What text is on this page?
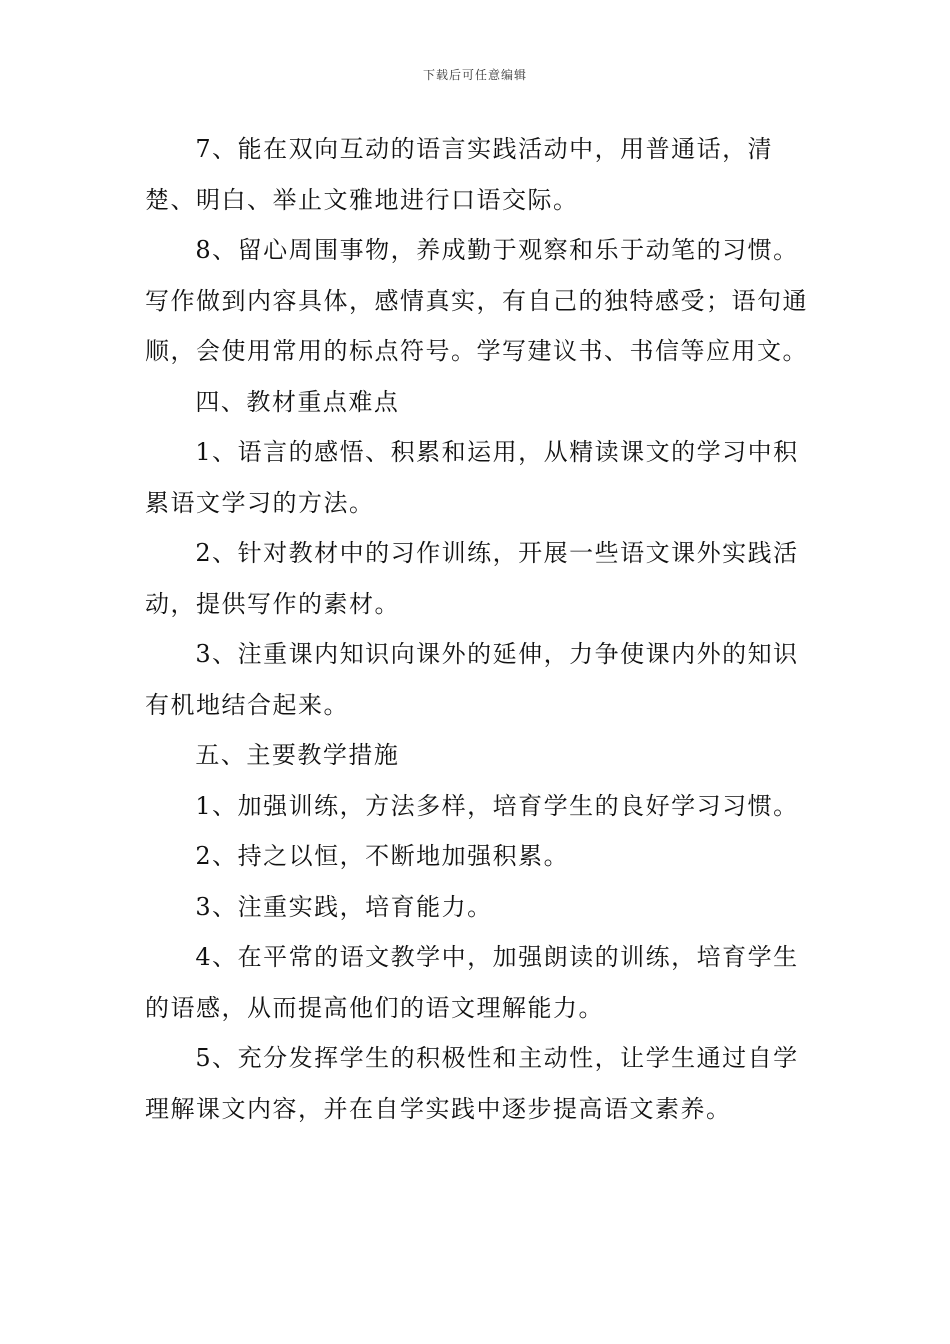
下载后可任意编辑

7、能在双向互动的语言实践活动中，用普通话，清楚、明白、举止文雅地进行口语交际。

8、留心周围事物，养成勤于观察和乐于动笔的习惯。写作做到内容具体，感情真实，有自己的独特感受；语句通顺，会使用常用的标点符号。学写建议书、书信等应用文。

四、教材重点难点

1、语言的感悟、积累和运用，从精读课文的学习中积累语文学习的方法。

2、针对教材中的习作训练，开展一些语文课外实践活动，提供写作的素材。

3、注重课内知识向课外的延伸，力争使课内外的知识有机地结合起来。

五、主要教学措施

1、加强训练，方法多样，培育学生的良好学习习惯。

2、持之以恒，不断地加强积累。

3、注重实践，培育能力。

4、在平常的语文教学中，加强朗读的训练，培育学生的语感，从而提高他们的语文理解能力。

5、充分发挥学生的积极性和主动性，让学生通过自学理解课文内容，并在自学实践中逐步提高语文素养。
